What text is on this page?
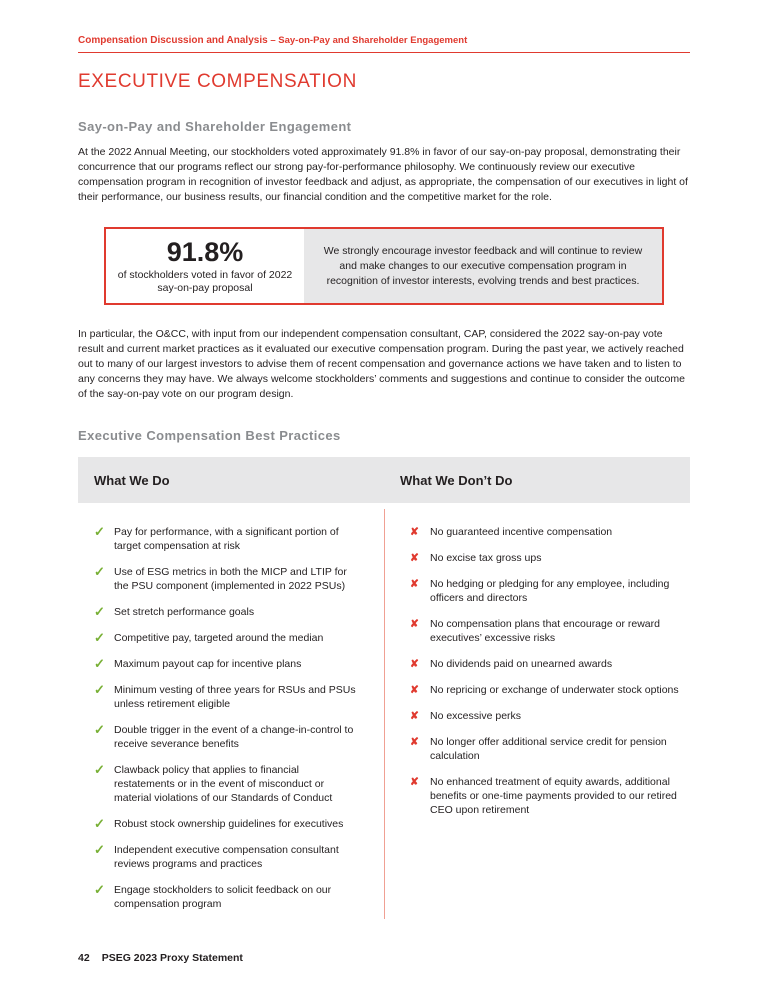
Compensation Discussion and Analysis – Say-on-Pay and Shareholder Engagement
EXECUTIVE COMPENSATION
Say-on-Pay and Shareholder Engagement

At the 2022 Annual Meeting, our stockholders voted approximately 91.8% in favor of our say-on-pay proposal, demonstrating their concurrence that our programs reflect our strong pay-for-performance philosophy. We continuously review our executive compensation program in recognition of investor feedback and adjust, as appropriate, the compensation of our executives in light of their performance, our business results, our financial condition and the competitive market for the role.

91.8%
of stockholders voted in favor of 2022 say-on-pay proposal
We strongly encourage investor feedback and will continue to review and make changes to our executive compensation program in recognition of investor interests, evolving trends and best practices.

In particular, the O&CC, with input from our independent compensation consultant, CAP, considered the 2022 say-on-pay vote result and current market practices as it evaluated our executive compensation program. During the past year, we actively reached out to many of our largest investors to advise them of recent compensation and governance actions we have taken and to listen to any concerns they may have. We always welcome stockholders’ comments and suggestions and continue to consider the outcome of the say-on-pay vote on our program design.

Executive Compensation Best Practices
What We Do	What We Don’t Do
✓ Pay for performance, with a significant portion of target compensation at risk
✓ Use of ESG metrics in both the MICP and LTIP for the PSU component (implemented in 2022 PSUs)
✓ Set stretch performance goals
✓ Competitive pay, targeted around the median
✓ Maximum payout cap for incentive plans
✓ Minimum vesting of three years for RSUs and PSUs unless retirement eligible
✓ Double trigger in the event of a change-in-control to receive severance benefits
✓ Clawback policy that applies to financial restatements or in the event of misconduct or material violations of our Standards of Conduct
✓ Robust stock ownership guidelines for executives
✓ Independent executive compensation consultant reviews programs and practices
✓ Engage stockholders to solicit feedback on our compensation program
✘	No guaranteed incentive compensation
✘	No excise tax gross ups
✘	No hedging or pledging for any employee, including officers and directors
✘	No compensation plans that encourage or reward executives’ excessive risks
✘	No dividends paid on unearned awards
✘	No repricing or exchange of underwater stock options
✘	No excessive perks
✘	No longer offer additional service credit for pension calculation
✘	No enhanced treatment of equity awards, additional benefits or one-time payments provided to our retired CEO upon retirement
42 PSEG 2023 Proxy Statement
